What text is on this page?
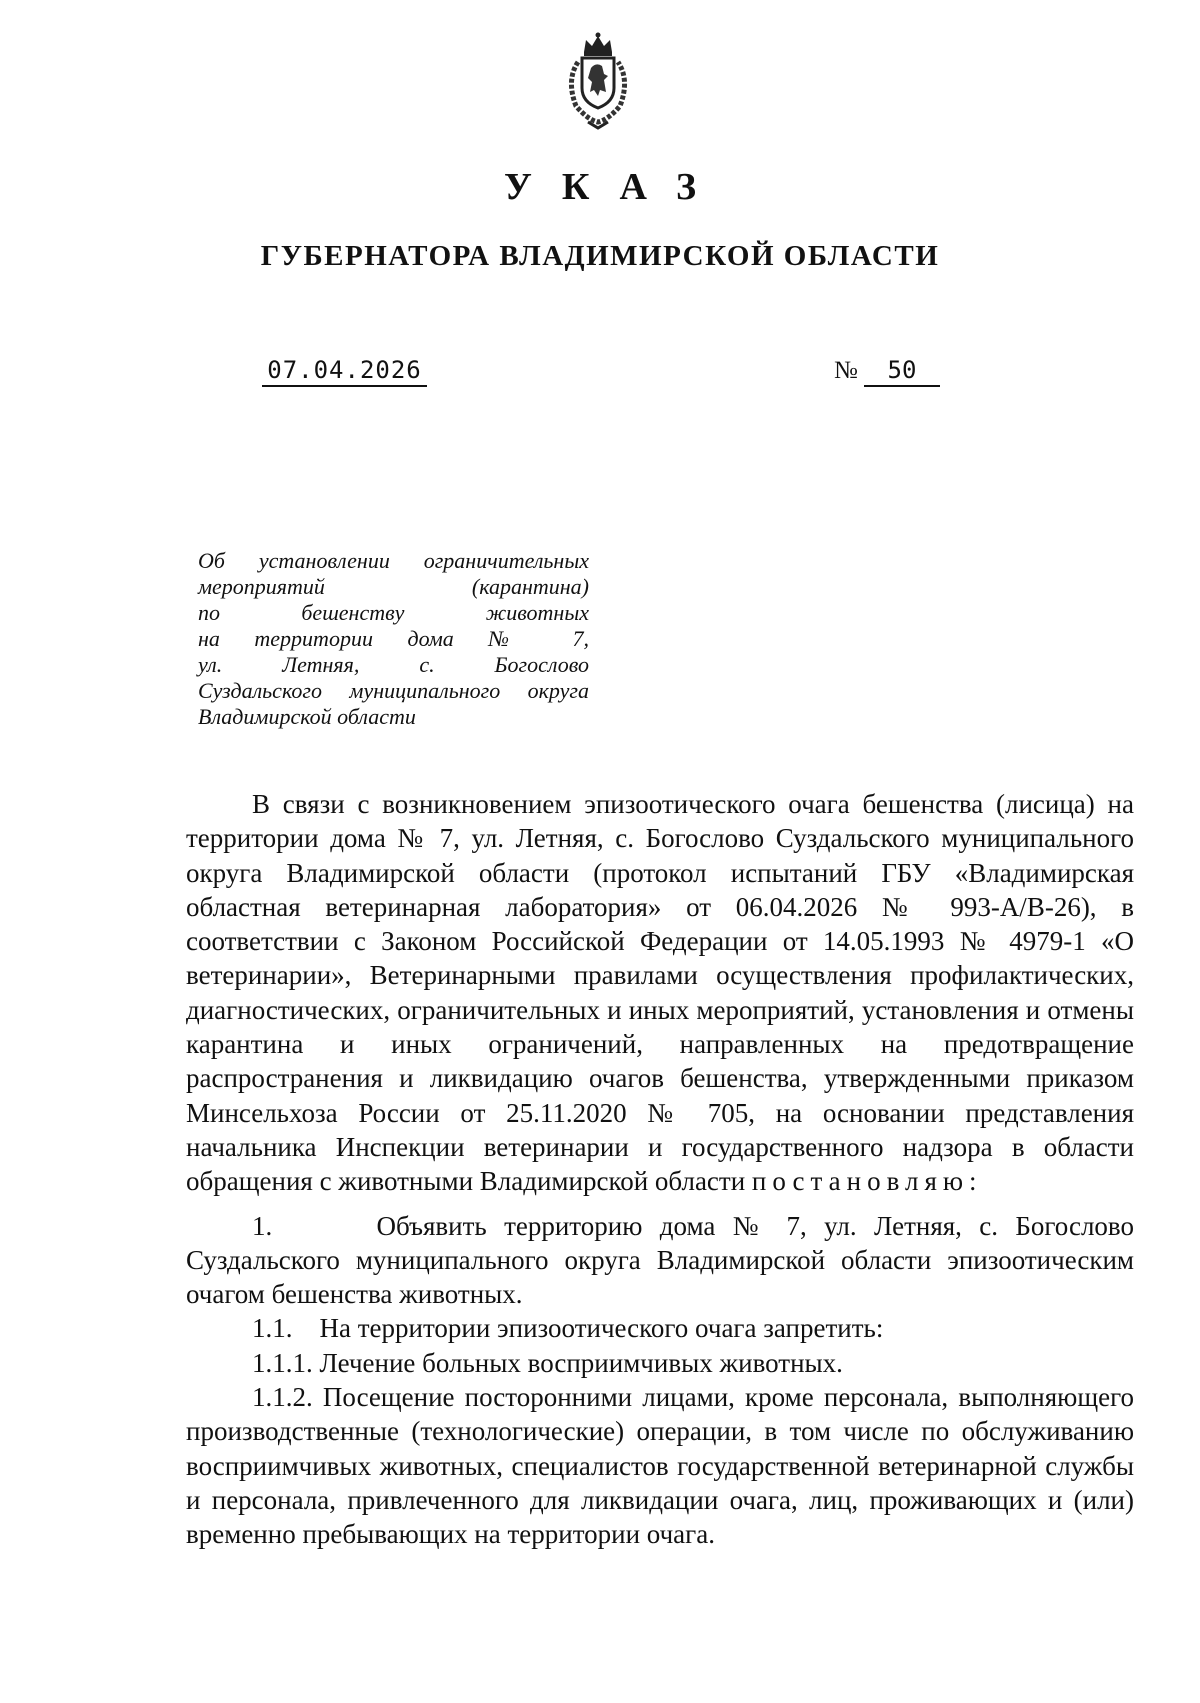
УКАЗ
ГУБЕРНАТОРА ВЛАДИМИРСКОЙ ОБЛАСТИ
07.04.2026	№	50
Об установлении ограничительных
мероприятий (карантина)
по бешенству животных
на территории дома № 7,
ул. Летняя, с. Богослово
Суздальского муниципального округа
Владимирской области

В связи с возникновением эпизоотического очага бешенства (лисица) на территории дома № 7, ул. Летняя, с. Богослово Суздальского муниципального округа Владимирской области (протокол испытаний ГБУ «Владимирская областная ветеринарная лаборатория» от 06.04.2026 № 993-А/В-26), в соответствии с Законом Российской Федерации от 14.05.1993 № 4979-1 «О ветеринарии», Ветеринарными правилами осуществления профилактических, диагностических, ограничительных и иных мероприятий, установления и отмены карантина и иных ограничений, направленных на предотвращение распространения и ликвидацию очагов бешенства, утвержденными приказом Минсельхоза России от 25.11.2020 № 705, на основании представления начальника Инспекции ветеринарии и государственного надзора в области обращения с животными Владимирской области постановляю:

1.      Объявить территорию дома № 7, ул. Летняя, с. Богослово Суздальского муниципального округа Владимирской области эпизоотическим очагом бешенства животных.

1.1.    На территории эпизоотического очага запретить:

1.1.1. Лечение больных восприимчивых животных.

1.1.2. Посещение посторонними лицами, кроме персонала, выполняющего производственные (технологические) операции, в том числе по обслуживанию восприимчивых животных, специалистов государственной ветеринарной службы и персонала, привлеченного для ликвидации очага, лиц, проживающих и (или) временно пребывающих на территории очага.
